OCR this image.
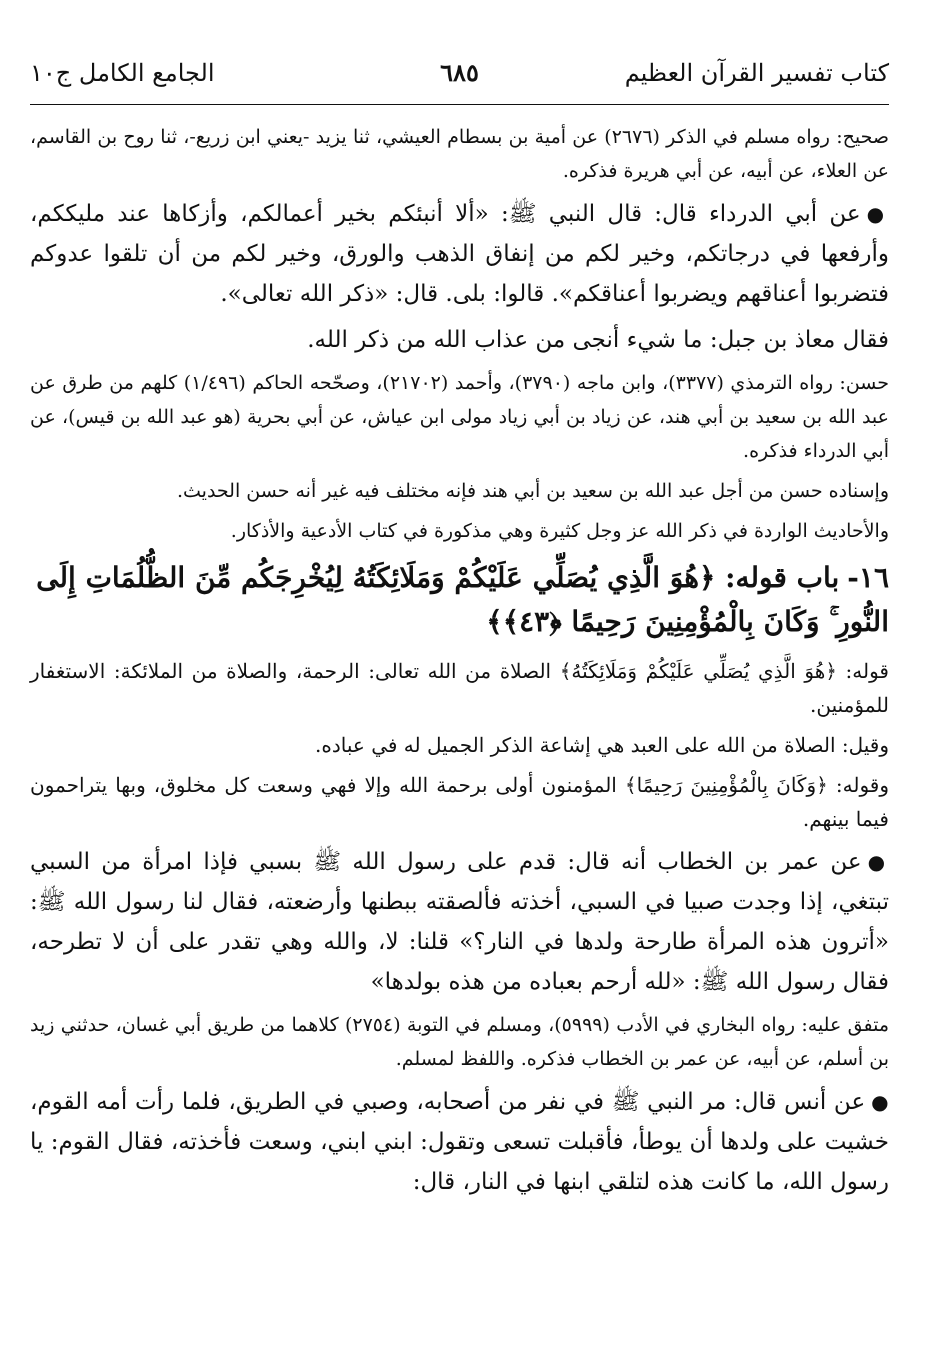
كتاب تفسير القرآن العظيم
٦٨٥
الجامع الكامل ج١٠

صحيح: رواه مسلم في الذكر (٢٦٧٦) عن أمية بن بسطام العيشي، ثنا يزيد -يعني ابن زريع-، ثنا روح بن القاسم، عن العلاء، عن أبيه، عن أبي هريرة فذكره.

●عن أبي الدرداء قال: قال النبي ﷺ: «ألا أنبئكم بخير أعمالكم، وأزكاها عند مليككم، وأرفعها في درجاتكم، وخير لكم من إنفاق الذهب والورق، وخير لكم من أن تلقوا عدوكم فتضربوا أعناقهم ويضربوا أعناقكم». قالوا: بلى. قال: «ذكر الله تعالى».

فقال معاذ بن جبل: ما شيء أنجى من عذاب الله من ذكر الله.

حسن: رواه الترمذي (٣٣٧٧)، وابن ماجه (٣٧٩٠)، وأحمد (٢١٧٠٢)، وصحّحه الحاكم (١/٤٩٦) كلهم من طرق عن عبد الله بن سعيد بن أبي هند، عن زياد بن أبي زياد مولى ابن عياش، عن أبي بحرية (هو عبد الله بن قيس)، عن أبي الدرداء فذكره.

وإسناده حسن من أجل عبد الله بن سعيد بن أبي هند فإنه مختلف فيه غير أنه حسن الحديث.

والأحاديث الواردة في ذكر الله عز وجل كثيرة وهي مذكورة في كتاب الأدعية والأذكار.

١٦-باب قوله: ﴿هُوَ الَّذِي يُصَلِّي عَلَيْكُمْ وَمَلَائِكَتُهُ لِيُخْرِجَكُم مِّنَ الظُّلُمَاتِ إِلَى
النُّورِ ۚ وَكَانَ بِالْمُؤْمِنِينَ رَحِيمًا ﴿٤٣﴾﴾

قوله: ﴿هُوَ الَّذِي يُصَلِّي عَلَيْكُمْ وَمَلَائِكَتُهُ﴾ الصلاة من الله تعالى: الرحمة، والصلاة من الملائكة: الاستغفار للمؤمنين.

وقيل: الصلاة من الله على العبد هي إشاعة الذكر الجميل له في عباده.

وقوله: ﴿وَكَانَ بِالْمُؤْمِنِينَ رَحِيمًا﴾ المؤمنون أولى برحمة الله وإلا فهي وسعت كل مخلوق، وبها يتراحمون فيما بينهم.

●عن عمر بن الخطاب أنه قال: قدم على رسول الله ﷺ بسبي فإذا امرأة من السبي تبتغي، إذا وجدت صبيا في السبي، أخذته فألصقته ببطنها وأرضعته، فقال لنا رسول الله ﷺ: «أترون هذه المرأة طارحة ولدها في النار؟» قلنا: لا، والله وهي تقدر على أن لا تطرحه، فقال رسول الله ﷺ: «لله أرحم بعباده من هذه بولدها»

متفق عليه: رواه البخاري في الأدب (٥٩٩٩)، ومسلم في التوبة (٢٧٥٤) كلاهما من طريق أبي غسان، حدثني زيد بن أسلم، عن أبيه، عن عمر بن الخطاب فذكره. واللفظ لمسلم.

●عن أنس قال: مر النبي ﷺ في نفر من أصحابه، وصبي في الطريق، فلما رأت أمه القوم، خشيت على ولدها أن يوطأ، فأقبلت تسعى وتقول: ابني ابني، وسعت فأخذته، فقال القوم: يا رسول الله، ما كانت هذه لتلقي ابنها في النار، قال:
